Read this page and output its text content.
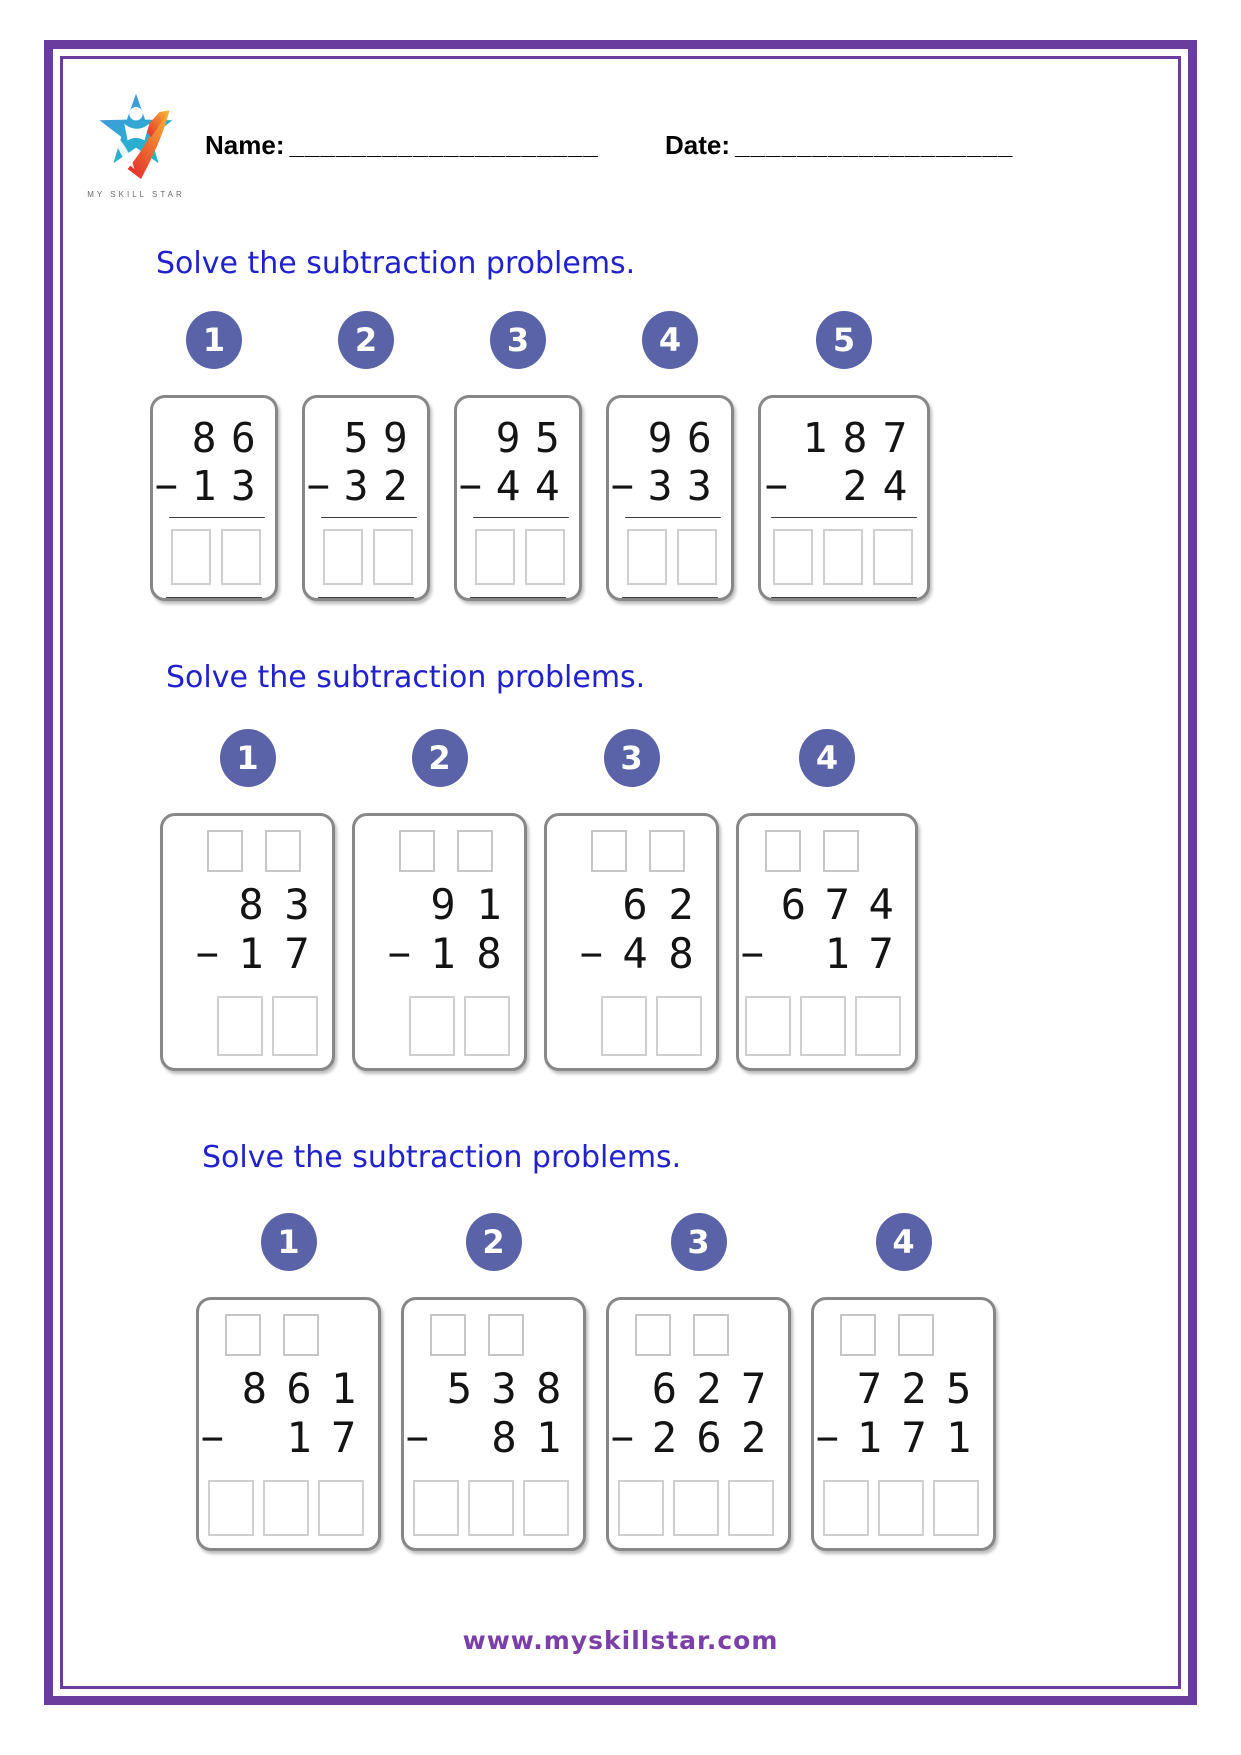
MY SKILL STAR
Name: ____________________	Date: __________________
Solve the subtraction problems.
1
8 6
− 1 3
2
5 9
− 3 2
3
9 5
− 4 4
4
9 6
− 3 3
5
1 8 7
− 2 4
Solve the subtraction problems.
1
8 3
− 1 7
2
9 1
− 1 8
3
6 2
− 4 8
4
6 7 4
− 1 7
Solve the subtraction problems.
1
8 6 1
− 1 7
2
5 3 8
− 8 1
3
6 2 7
− 2 6 2
4
7 2 5
− 1 7 1
www.myskillstar.com
